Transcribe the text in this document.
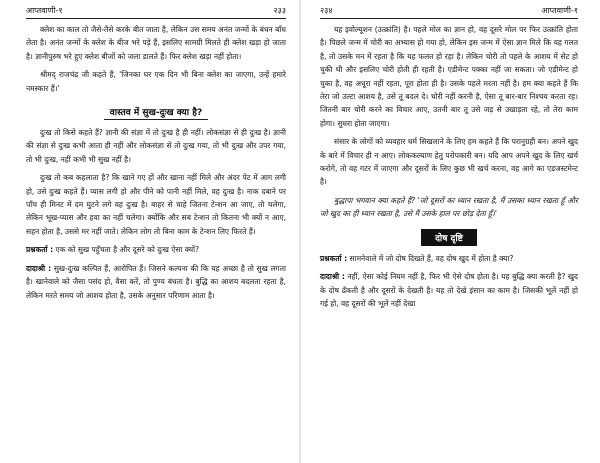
आप्तवाणी-१	२३३

क्लेश का काल तो जैसे-तैसे करके बीत जाता है, लेकिन उस समय अनंत जन्मों के बंधन बाँध लेता है। अनंत जन्मों के क्लेश के बीज भरे पड़े हैं, इसलिए सामग्री मिलते ही क्लेश खड़ा हो जाता है। ज्ञानीपुरुष भरे हुए क्लेश बीजों को जला डालते हैं। फिर क्लेश खड़ा नहीं होता।

श्रीमद् राजचंद्र जी कहते हैं, 'जिनका घर एक दिन भी बिना क्लेश का जाएगा, उन्हें हमारे नमस्कार हैं।'

वास्तव में सुख-दुःख क्या है?

दुःख तो किसे कहते हैं? ज्ञानी की संज्ञा में तो दुःख है ही नहीं। लोकसंज्ञा से ही दुःख है। ज्ञानी की संज्ञा से दुःख कभी आता ही नहीं और लोकसंज्ञा से तो दुःख गया, तो भी दुःख और उपर गया, तो भी दुःख, नहीं कभी भी सुख नहीं है।

दुःख तो कब कहलाता है? कि खाने गए हों और खाना नहीं मिले और अंदर पेट में आग लगी हो, उसे दुःख कहते हैं। प्यास लगी हो और पीने को पानी नहीं मिले, वह दुःख है। नाक दबाने पर पाँच ही मिनट में दम घुटने लगे वह दुःख है। बाहर से चाहे जितना टेन्शन आ जाए, तो चलेगा, लेकिन भूख-प्यास और हवा का नहीं चलेगा। क्योंकि और सब टेन्शन तो कितना भी क्यों न आए, सहन होता है, उससे मर नहीं जाते। लेकिन लोग तो बिना काम के टेन्शन लिए फिरते हैं।

प्रश्नकर्ता : एक को सुख पहुँचता है और दूसरे को दुःख ऐसा क्यों?

दादाश्री : सुख-दुःख कल्पित हैं, आरोपित हैं। जिसने कल्पना की कि यह अच्छा है तो सुख लगता है। खानेवाले को जैसा पसंद हो, वैसा करें, तो पुण्य बंधता है। बुद्धि का आशय बदलता रहता है, लेकिन मरते समय जो आशय होता है, उसके अनुसार परिणाम आता है।

२३४	आप्तवाणी-१

यह इवोल्यूशन (उत्क्रांति) है। पहले मोल का ज्ञान हो, वह दूसरे मोल पर फिर उत्क्रांति होता है। पिछले जन्म में चोरी का अभ्यास हो गया हो, लेकिन इस जन्म में ऐसा ज्ञान मिले कि यह गलत है, तो उसके मन में रहता है कि यह फलत हो रहा है। लेकिन चोरी तो पहले के आशय में सेट हो चुकी थी और इसलिए चोरी होती ही रहती है। एडीमेन्ट पक्का नहीं जा सकता। जो एडीमेन्ट हो चुका है, वह अधूरा नहीं रहता, पूरा होता ही है। उसके पहले मरता नहीं है। हम क्या कहते हैं कि तेरा जो उल्टा आशय है, उसे तू बदल दे। चोरी नहीं करनी है, ऐसा तू बार-बार निश्चय करता रह। जितनी बार चोरी करने का विचार आए, उतनी बार तू उसे जड़ से उखाड़ता रहे, तो तेरा काम होगा। सुधरा होता जाएगा।

संसार के लोगों को व्यवहार धर्म सिखलाने के लिए हम कहते हैं कि परानुग्रही बन। अपने खुद के बारे में विचार ही न आए। लोककल्याण हेतु परोपकारी बन। यदि आप अपने खुद के लिए खर्च करोगे, तो वह गटर में जाएगा और दूसरों के लिए कुछ भी खर्च करना, वह आगे का एडजस्टमेन्ट है।

बुद्धापा भगवान क्या कहते हैं? 'जो दूसरों का ध्यान रखता है, मैं उसका ध्यान रखता हूँ और जो खुद का ही ध्यान रखता है, उसे मैं उसके हाल पर छोड़ देता हूँ।'

दोष दृष्टि

प्रश्नकर्ता : सामनेवाले में जो दोष दिखते हैं, वह दोष खुद में होता है क्या?

दादाश्री : नहीं, ऐसा कोई नियम नहीं है, फिर भी ऐसे दोष होता है। यह बुद्धि क्या करती है? खुद के दोष ढँकती है और दूसरों के देखती है। यह तो देखे इंसान का काम है। जिसकी भूलें नहीं हो गई हो, वह दूसरों की भूलें नहीं देखा
